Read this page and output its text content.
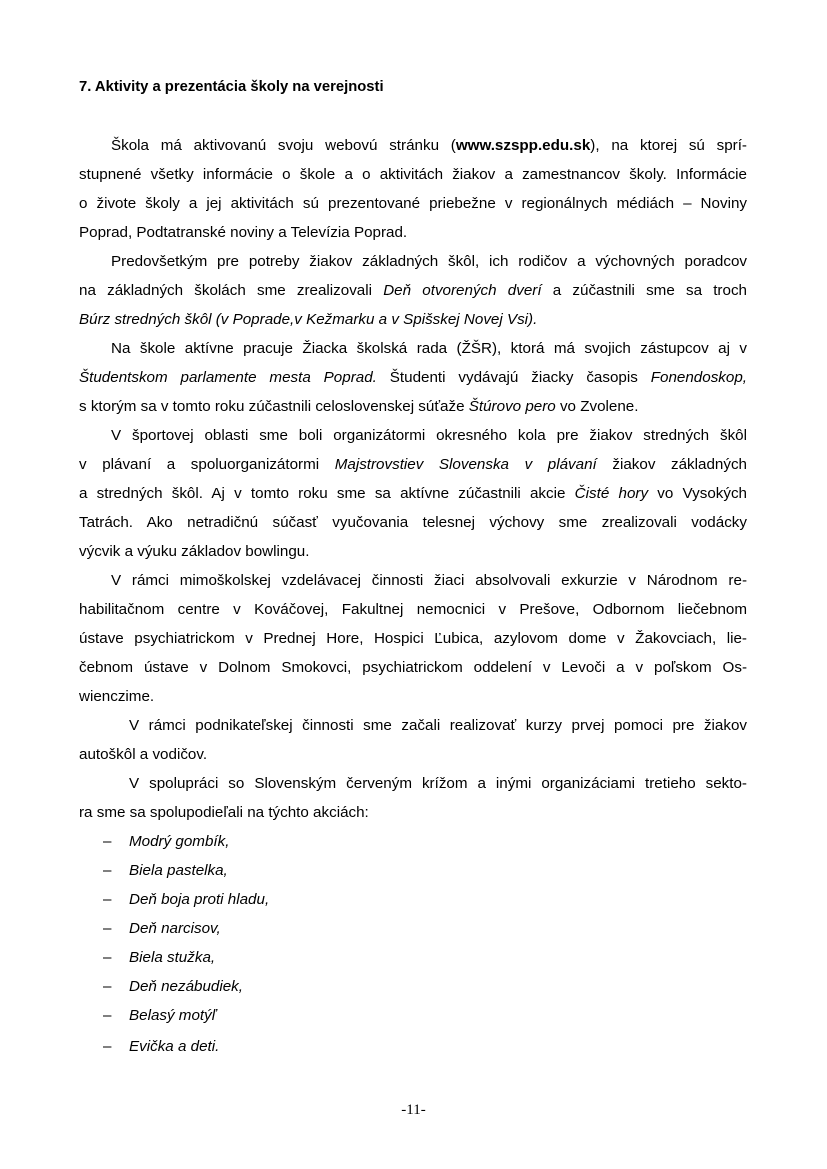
7. Aktivity a prezentácia školy na verejnosti
Škola má aktivovanú svoju webovú stránku (www.szspp.edu.sk), na ktorej sú sprí-
stupnené všetky informácie o škole a o aktivitách žiakov a zamestnancov školy. Informácie
o živote školy a jej aktivitách sú prezentované priebežne v regionálnych médiách – Noviny
Poprad, Podtatranské noviny a Televízia Poprad.
Predovšetkým pre potreby žiakov základných škôl, ich rodičov a výchovných poradcov
na základných školách sme zrealizovali Deň otvorených dverí a zúčastnili sme sa troch
Búrz stredných škôl (v Poprade,v Kežmarku a v Spišskej Novej Vsi).
Na škole aktívne pracuje Žiacka školská rada (ŽŠR), ktorá má svojich zástupcov aj v
Študentskom parlamente mesta Poprad. Študenti vydávajú žiacky časopis Fonendoskop,
s ktorým sa v tomto roku zúčastnili celoslovenskej súťaže Štúrovo pero vo Zvolene.
V športovej oblasti sme boli organizátormi okresného kola pre žiakov stredných škôl
v plávaní a spoluorganizátormi Majstrovstiev Slovenska v plávaní žiakov základných
a stredných škôl. Aj v tomto roku sme sa aktívne zúčastnili akcie Čisté hory vo Vysokých
Tatrách. Ako netradičnú súčasť vyučovania telesnej výchovy sme zrealizovali vodácky
výcvik a výuku základov bowlingu.
V rámci mimoškolskej vzdelávacej činnosti žiaci absolvovali exkurzie v Národnom re-
habilitačnom centre v Kováčovej, Fakultnej nemocnici v Prešove, Odbornom liečebnom
ústave psychiatrickom v Prednej Hore, Hospici Ľubica, azylovom dome v Žakovciach, lie-
čebnom ústave v Dolnom Smokovci, psychiatrickom oddelení v Levoči a v poľskom Os-
wienczime.
V rámci podnikateľskej činnosti sme začali realizovať kurzy prvej pomoci pre žiakov
autoškôl a vodičov.
V spolupráci so Slovenským červeným krížom a inými organizáciami tretieho sekto-
ra sme sa spolupodieľali na týchto akciách:
– Modrý gombík,
– Biela pastelka,
– Deň boja proti hladu,
– Deň narcisov,
– Biela stužka,
– Deň nezábudiek,
– Belasý motýľ
– Evička a deti.
-11-
